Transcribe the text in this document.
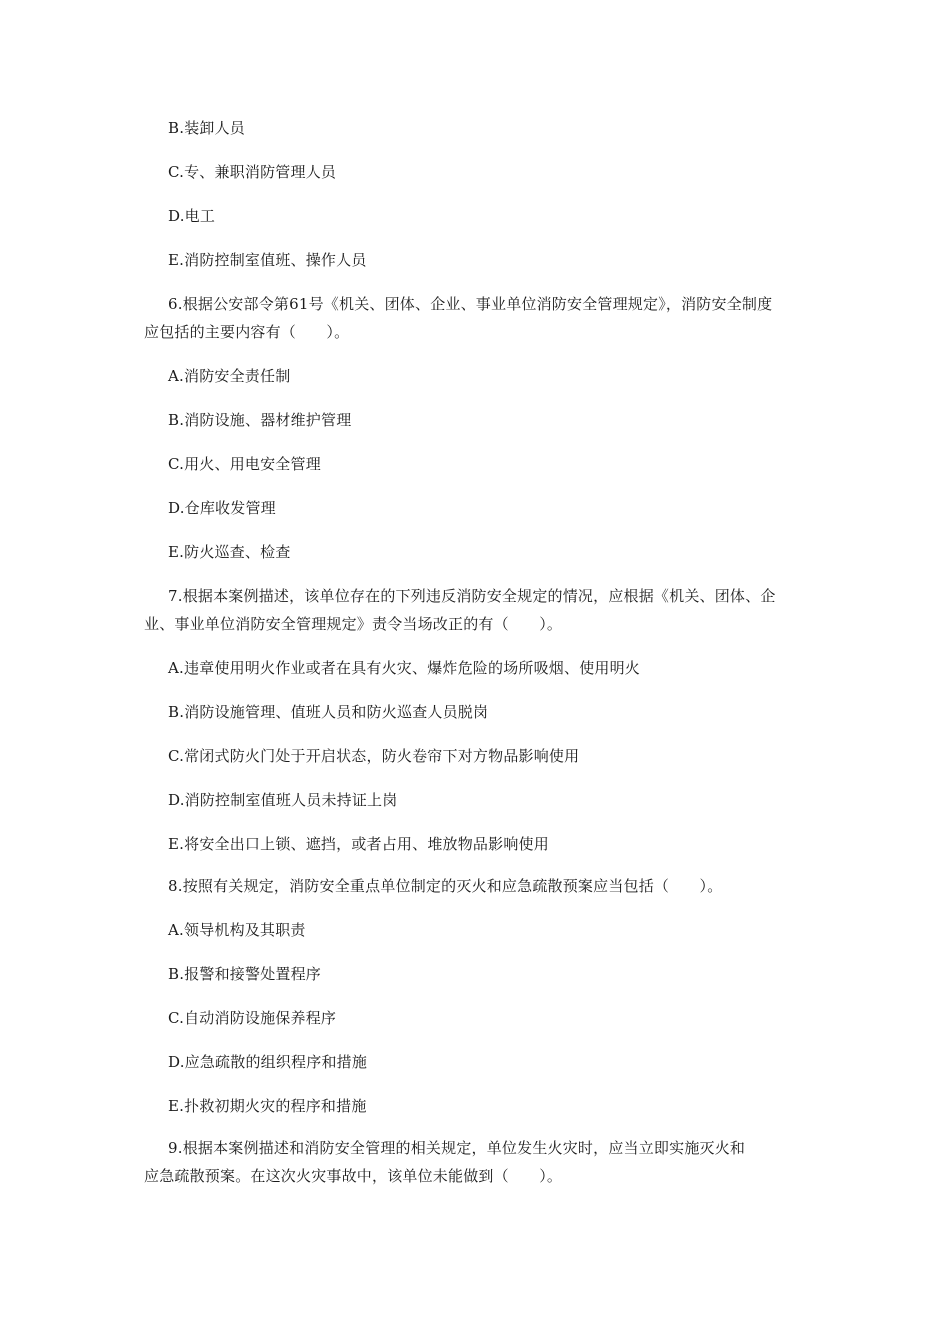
B.装卸人员
C.专、兼职消防管理人员
D.电工
E.消防控制室值班、操作人员
6.根据公安部令第61号《机关、团体、企业、事业单位消防安全管理规定》，消防安全制度
应包括的主要内容有（　　）。
A.消防安全责任制
B.消防设施、器材维护管理
C.用火、用电安全管理
D.仓库收发管理
E.防火巡查、检查
7.根据本案例描述，该单位存在的下列违反消防安全规定的情况，应根据《机关、团体、企
业、事业单位消防安全管理规定》责令当场改正的有（　　）。
A.违章使用明火作业或者在具有火灾、爆炸危险的场所吸烟、使用明火
B.消防设施管理、值班人员和防火巡查人员脱岗
C.常闭式防火门处于开启状态，防火卷帘下对方物品影响使用
D.消防控制室值班人员未持证上岗
E.将安全出口上锁、遮挡，或者占用、堆放物品影响使用
8.按照有关规定，消防安全重点单位制定的灭火和应急疏散预案应当包括（　　）。
A.领导机构及其职责
B.报警和接警处置程序
C.自动消防设施保养程序
D.应急疏散的组织程序和措施
E.扑救初期火灾的程序和措施
9.根据本案例描述和消防安全管理的相关规定，单位发生火灾时，应当立即实施灭火和
应急疏散预案。在这次火灾事故中，该单位未能做到（　　）。
